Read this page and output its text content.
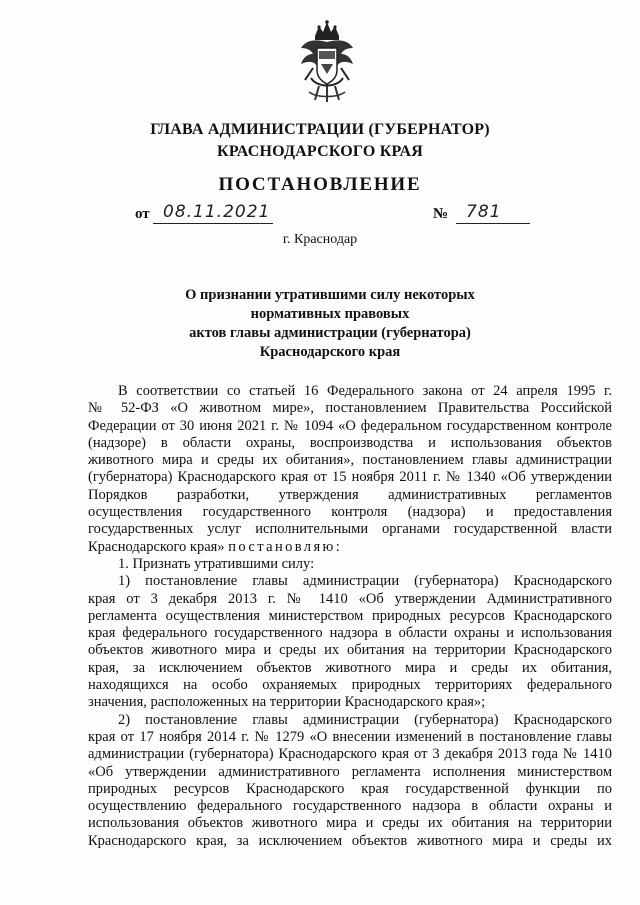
ГЛАВА АДМИНИСТРАЦИИ (ГУБЕРНАТОР)
КРАСНОДАРСКОГО КРАЯ
ПОСТАНОВЛЕНИЕ
от 08.11.2021	№ 781
г. Краснодар
О признании утратившими силу некоторых
нормативных правовых
актов главы администрации (губернатора)
Краснодарского края

В соответствии со статьей 16 Федерального закона от 24 апреля 1995 г.

№ 52-ФЗ «О животном мире», постановлением Правительства Российской

Федерации от 30 июня 2021 г. № 1094 «О федеральном государственном контроле

(надзоре) в области охраны, воспроизводства и использования объектов

животного мира и среды их обитания», постановлением главы администрации

(губернатора) Краснодарского края от 15 ноября 2011 г. № 1340 «Об утверждении

Порядков разработки, утверждения административных регламентов

осуществления государственного контроля (надзора) и предоставления

государственных услуг исполнительными органами государственной власти

Краснодарского края» постановляю:

1. Признать утратившими силу:

1) постановление главы администрации (губернатора) Краснодарского

края от 3 декабря 2013 г. № 1410 «Об утверждении Административного

регламента осуществления министерством природных ресурсов Краснодарского

края федерального государственного надзора в области охраны и использования

объектов животного мира и среды их обитания на территории Краснодарского

края, за исключением объектов животного мира и среды их обитания,

находящихся на особо охраняемых природных территориях федерального

значения, расположенных на территории Краснодарского края»;

2) постановление главы администрации (губернатора) Краснодарского

края от 17 ноября 2014 г. № 1279 «О внесении изменений в постановление главы

администрации (губернатора) Краснодарского края от 3 декабря 2013 года № 1410

«Об утверждении административного регламента исполнения министерством

природных ресурсов Краснодарского края государственной функции по

осуществлению федерального государственного надзора в области охраны и

использования объектов животного мира и среды их обитания на территории

Краснодарского края, за исключением объектов животного мира и среды их
